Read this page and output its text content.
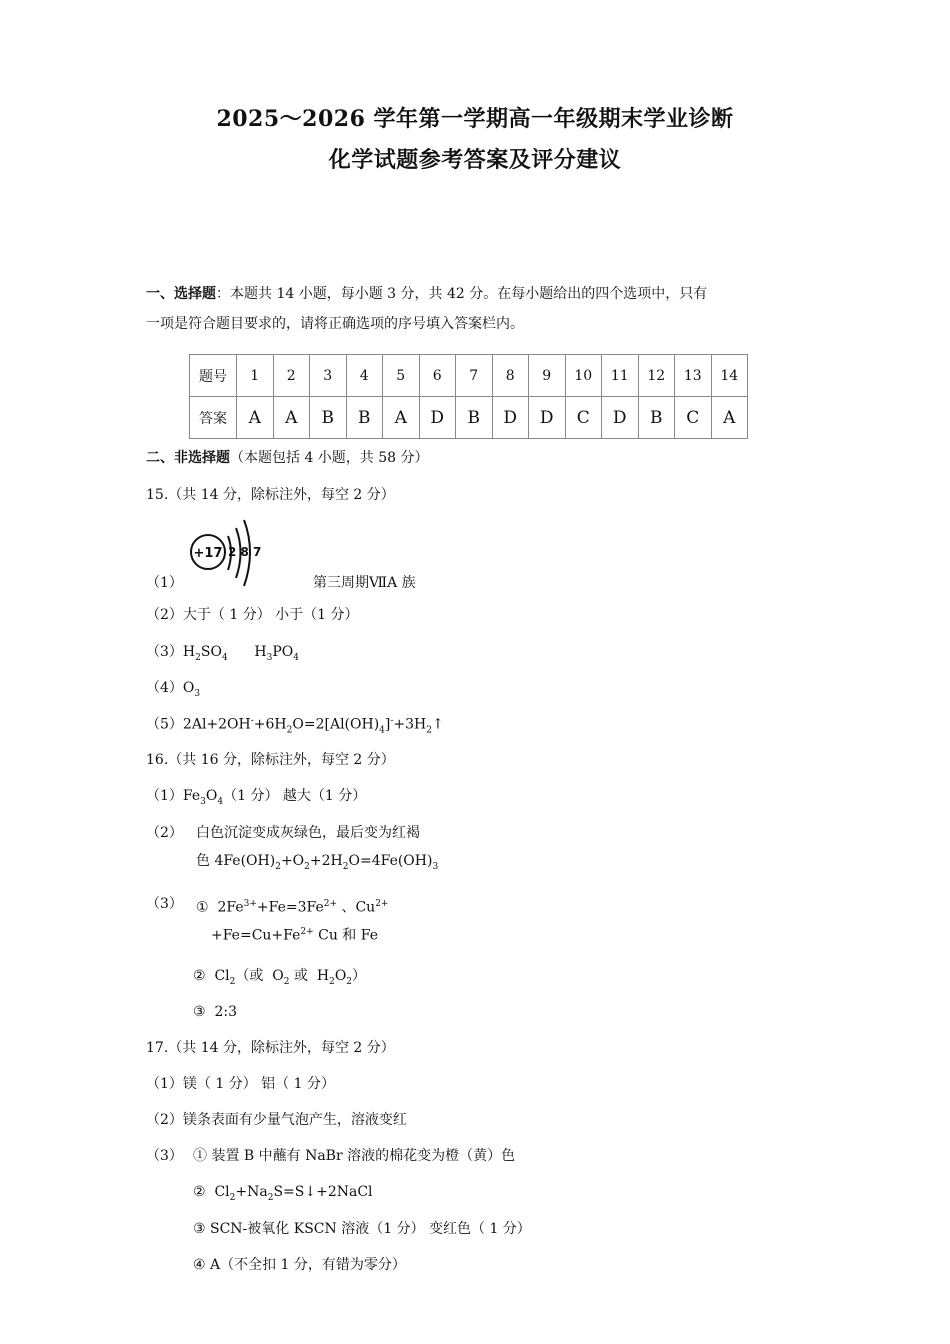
2025～2026 学年第一学期高一年级期末学业诊断
化学试题参考答案及评分建议
一、选择题：本题共 14 小题，每小题 3 分，共 42 分。在每小题给出的四个选项中，只有
一项是符合题目要求的，请将正确选项的序号填入答案栏内。
题号	1	2	3	4	5	6	7	8	9	10	11	12	13	14
答案	A	A	B	B	A	D	B	D	D	C	D	B	C	A
二、非选择题（本题包括 4 小题，共 58 分）
15.（共 14 分，除标注外，每空 2 分）
+17 2 8 7
（1）	第三周期ⅦA 族
（2）大于（ 1 分） 小于（1 分）
$(3)H_2SO_4$      $H_3PO_4$
$(4)O_3$
$(5)2Al+2OH^-+6H_2O=2[Al(OH)_4]^-+3H_2↑$
16.（共 16 分，除标注外，每空 2 分）
$(1)Fe_3O_4(1$ 分） 越大（1 分）
（2） 白色沉淀变成灰绿色，最后变为红褐
色 $4Fe(OH)_2+O_2+2H_2O=4Fe(OH)_3$
（3） ①  $2Fe^{3+}+Fe=3Fe^{2+}$ 、$Cu^{2+}$
$+Fe=Cu+Fe^{2+}$ Cu 和 Fe
②  $Cl_2$（或  $O_2$ 或  $H_2O_2$）
③ 2:3
17.（共 14 分，除标注外，每空 2 分）
（1）镁（ 1 分） 铝（ 1 分）
（2）镁条表面有少量气泡产生，溶液变红
（3） ① 装置 B 中蘸有 NaBr 溶液的棉花变为橙（黄）色
②  $Cl_2+Na_2S=S↓+2NaCl$
③ SCN-被氧化 KSCN 溶液（1 分） 变红色（ 1 分）
④ A（不全扣 1 分，有错为零分）
